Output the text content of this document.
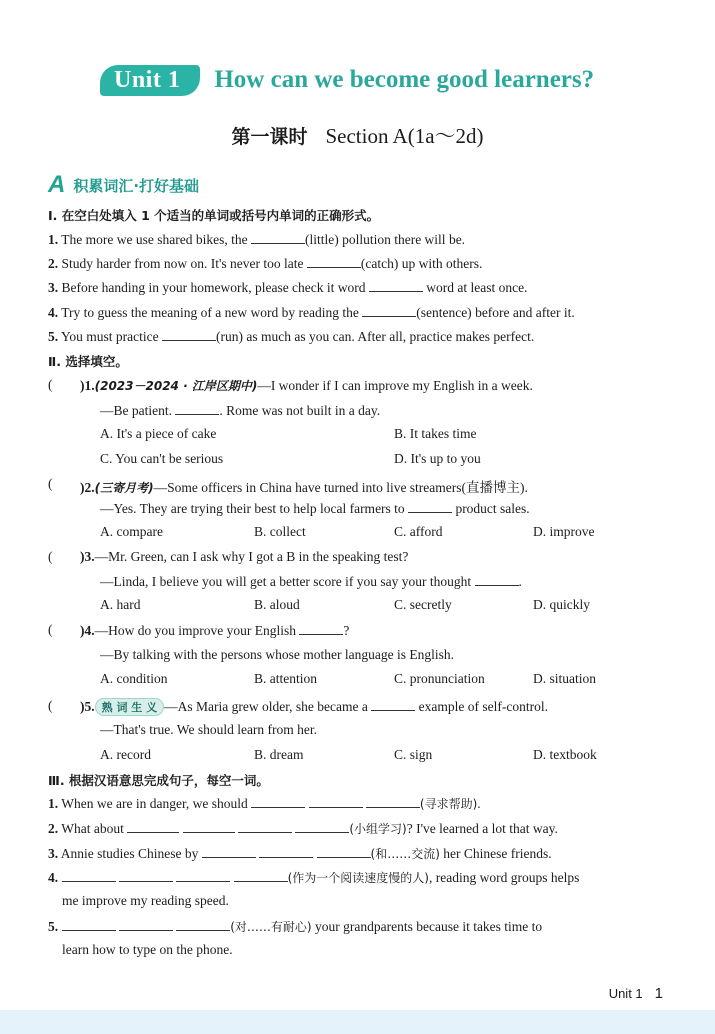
Unit 1	How can we become good learners?
第一课时 Section A(1a～2d)
A 积累词汇·打好基础
Ⅰ. 在空白处填入 1 个适当的单词或括号内单词的正确形式。
1. The more we use shared bikes, the	(little) pollution there will be.
2. Study harder from now on. It's never too late	(catch) up with others.
3. Before handing in your homework, please check it word	word at least once.
4. Try to guess the meaning of a new word by reading the	(sentence) before and after it.
5. You must practice	(run) as much as you can. After all, practice makes perfect.
Ⅱ. 选择填空。
( )1.(2023－2024 · 江岸区期中)—I wonder if I can improve my English in a week.
—Be patient.	. Rome was not built in a day.
A. It's a piece of cake	B. It takes time
C. You can't be serious	D. It's up to you
( )2.(三寄月考)—Some officers in China have turned into live streamers(直播博主).
—Yes. They are trying their best to help local farmers to	product sales.
A. compare	B. collect	C. afford	D. improve
( )3.—Mr. Green, can I ask why I got a B in the speaking test?
—Linda, I believe you will get a better score if you say your thought	.
A. hard	B. aloud	C. secretly	D. quickly
( )4.—How do you improve your English	?
—By talking with the persons whose mother language is English.
A. condition	B. attention	C. pronunciation	D. situation
( )5. 熟 词 生 义 —As Maria grew older, she became a	example of self-control.
—That's true. We should learn from her.
A. record	B. dream	C. sign	D. textbook
Ⅲ. 根据汉语意思完成句子，每空一词。
1. When we are in danger, we should	(寻求帮助).
2. What about	(小组学习)? I've learned a lot that way.
3. Annie studies Chinese by	(和……交流) her Chinese friends.
4.	(作为一个阅读速度慢的人), reading word groups helps
me improve my reading speed.
5.	(对……有耐心) your grandparents because it takes time to
learn how to type on the phone.
Unit 1 1
